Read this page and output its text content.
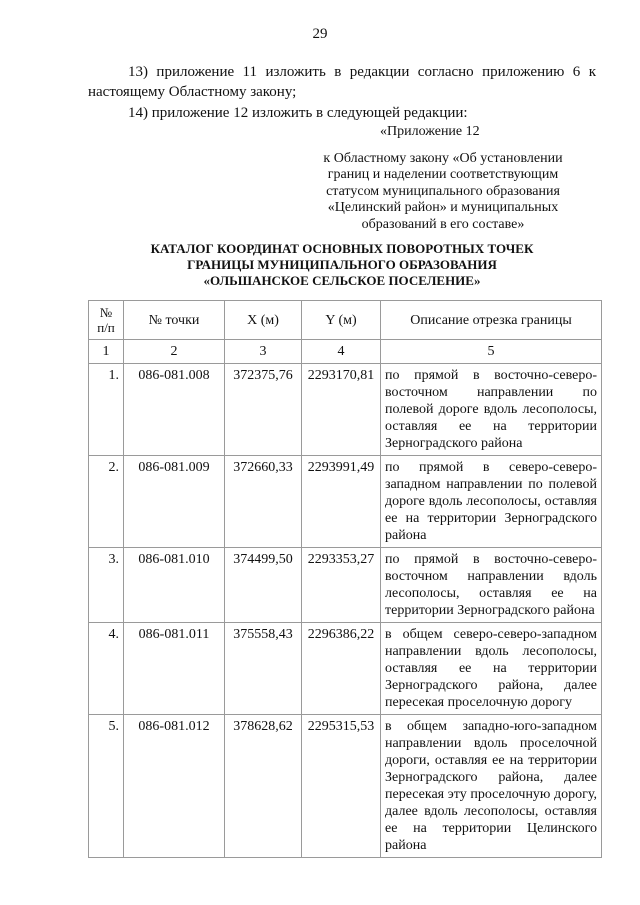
29
13) приложение 11 изложить в редакции согласно приложению 6 к настоящему Областному закону;
14) приложение 12 изложить в следующей редакции:
«Приложение 12
к Областному закону «Об установлении
границ и наделении соответствующим
статусом муниципального образования
«Целинский район» и муниципальных
образований в его составе»
КАТАЛОГ КООРДИНАТ ОСНОВНЫХ ПОВОРОТНЫХ ТОЧЕК
ГРАНИЦЫ МУНИЦИПАЛЬНОГО ОБРАЗОВАНИЯ
«ОЛЬШАНСКОЕ СЕЛЬСКОЕ ПОСЕЛЕНИЕ»
№
п/п	№ точки	X (м)	Y (м)	Описание отрезка границы
1	2	3	4	5
1.	086-081.008	372375,76	2293170,81	по прямой в восточно-северо-восточном направлении по полевой дороге вдоль лесополосы, оставляя ее на территории Зерноградского района
2.	086-081.009	372660,33	2293991,49	по прямой в северо-северо-западном направлении по полевой дороге вдоль лесополосы, оставляя ее на территории Зерноградского района
3.	086-081.010	374499,50	2293353,27	по прямой в восточно-северо-восточном направлении вдоль лесополосы, оставляя ее на территории Зерноградского района
4.	086-081.011	375558,43	2296386,22	в общем северо-северо-западном направлении вдоль лесополосы, оставляя ее на территории Зерноградского района, далее пересекая проселочную дорогу
5.	086-081.012	378628,62	2295315,53	в общем западно-юго-западном направлении вдоль проселочной дороги, оставляя ее на территории Зерноградского района, далее пересекая эту проселочную дорогу, далее вдоль лесополосы, оставляя ее на территории Целинского района
